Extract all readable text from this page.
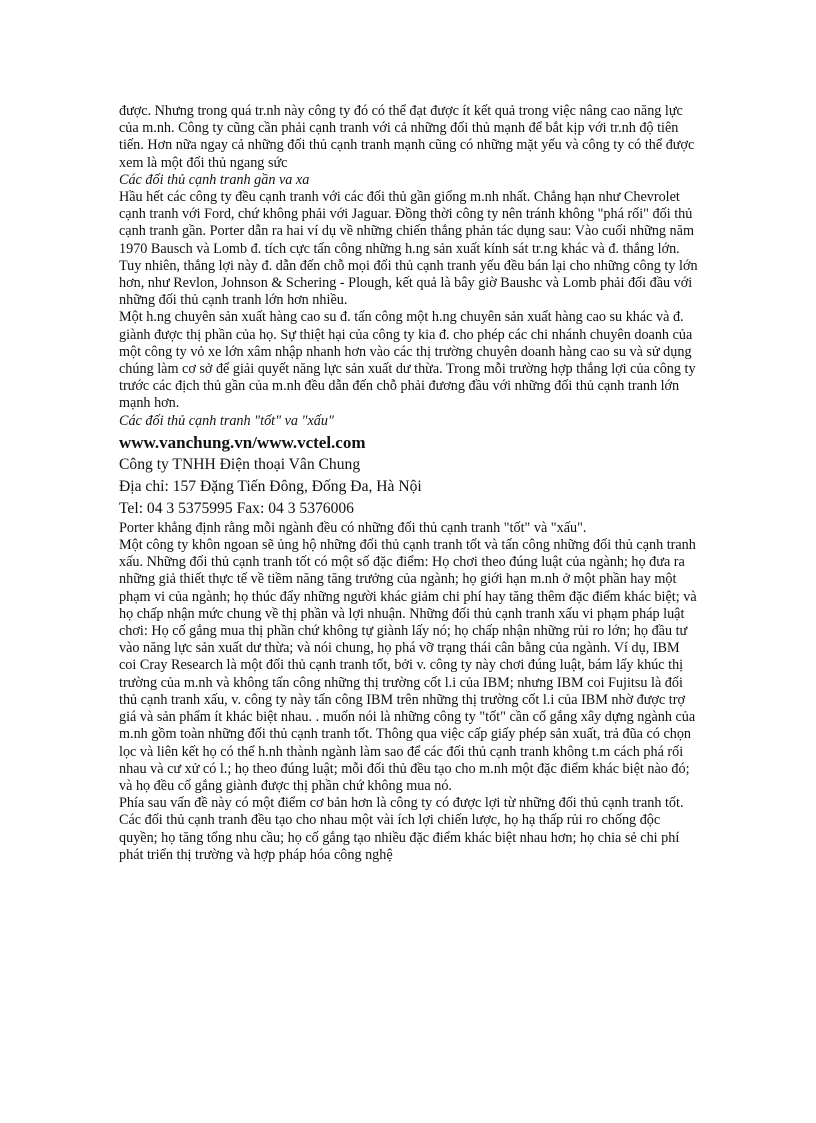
được. Nhưng trong quá tr.nh này công ty đó có thể đạt được ít kết quả trong việc nâng cao năng lực của m.nh. Công ty cũng cần phải cạnh tranh với cả những đối thủ mạnh để bắt kịp với tr.nh độ tiên tiến. Hơn nữa ngay cả những đối thủ cạnh tranh mạnh cũng có những mặt yếu và công ty có thể được xem là một đối thủ ngang sức

Các đối thủ cạnh tranh gần va xa

Hầu hết các công ty đều cạnh tranh với các đối thủ gần giống m.nh nhất. Chẳng hạn như Chevrolet cạnh tranh với Ford, chứ không phải với Jaguar. Đồng thời công ty nên tránh không "phá rối" đối thủ cạnh tranh gần. Porter dẫn ra hai ví dụ về những chiến thắng phản tác dụng sau: Vào cuối những năm 1970 Bausch và Lomb đ. tích cực tấn công những h.ng sản xuất kính sát tr.ng khác và đ. thắng lớn. Tuy nhiên, thắng lợi này đ. dẫn đến chỗ mọi đối thủ cạnh tranh yếu đều bán lại cho những công ty lớn hơn, như Revlon, Johnson & Schering - Plough, kết quả là bây giờ Baushc và Lomb phải đối đầu với những đối thủ cạnh tranh lớn hơn nhiều.

Một h.ng chuyên sản xuất hàng cao su đ. tấn công một h.ng chuyên sản xuất hàng cao su khác và đ. giành được thị phần của họ. Sự thiệt hại của công ty kia đ. cho phép các chi nhánh chuyên doanh của một công ty vỏ xe lớn xâm nhập nhanh hơn vào các thị trường chuyên doanh hàng cao su và sử dụng chúng làm cơ sở để giải quyết năng lực sản xuất dư thừa. Trong mỗi trường hợp thắng lợi của công ty trước các địch thủ gần của m.nh đều dẫn đến chỗ phải đương đầu với những đối thủ cạnh tranh lớn mạnh hơn.

Các đối thủ cạnh tranh "tốt" va "xấu"

www.vanchung.vn/www.vctel.com

Công ty TNHH Điện thoại Vân Chung

Địa chỉ: 157 Đặng Tiến Đông, Đống Đa, Hà Nội

Tel: 04 3 5375995 Fax: 04 3 5376006

Porter khẳng định rằng mỗi ngành đều có những đối thủ cạnh tranh "tốt" và "xấu".

Một công ty khôn ngoan sẽ ủng hộ những đối thủ cạnh tranh tốt và tấn công những đối thủ cạnh tranh xấu. Những đối thủ cạnh tranh tốt có một số đặc điểm: Họ chơi theo đúng luật của ngành; họ đưa ra những giả thiết thực tế về tiềm năng tăng trưởng của ngành; họ giới hạn m.nh ở một phần hay một phạm vi của ngành; họ thúc đẩy những người khác giảm chi phí hay tăng thêm đặc điểm khác biệt; và họ chấp nhận mức chung về thị phần và lợi nhuận. Những đối thủ cạnh tranh xấu vi phạm pháp luật chơi: Họ cố gắng mua thị phần chứ không tự giành lấy nó; họ chấp nhận những rủi ro lớn; họ đầu tư vào năng lực sản xuất dư thừa; và nói chung, họ phá vỡ trạng thái cân bằng của ngành. Ví dụ, IBM coi Cray Research là một đối thủ cạnh tranh tốt, bởi v. công ty này chơi đúng luật, bám lấy khúc thị trường của m.nh và không tấn công những thị trường cốt l.i của IBM; nhưng IBM coi Fujitsu là đối thủ cạnh tranh xấu, v. công ty này tấn công IBM trên những thị trường cốt l.i của IBM nhờ được trợ giá và sản phẩm ít khác biệt nhau. . muốn nói là những công ty "tốt" cần cố gắng xây dựng ngành của m.nh gồm toàn những đối thủ cạnh tranh tốt. Thông qua việc cấp giấy phép sản xuất, trả đũa có chọn lọc và liên kết họ có thể h.nh thành ngành làm sao để các đối thủ cạnh tranh không t.m cách phá rối nhau và cư xử có l.; họ theo đúng luật; mỗi đối thủ đều tạo cho m.nh một đặc điểm khác biệt nào đó; và họ đều cố gắng giành được thị phần chứ không mua nó.

Phía sau vấn đề này có một điểm cơ bản hơn là công ty có được lợi từ những đối thủ cạnh tranh tốt. Các đối thủ cạnh tranh đều tạo cho nhau một vài ích lợi chiến lược, họ hạ thấp rủi ro chống độc quyền; họ tăng tổng nhu cầu; họ cố gắng tạo nhiều đặc điểm khác biệt nhau hơn; họ chia sẻ chi phí phát triển thị trường và hợp pháp hóa công nghệ
